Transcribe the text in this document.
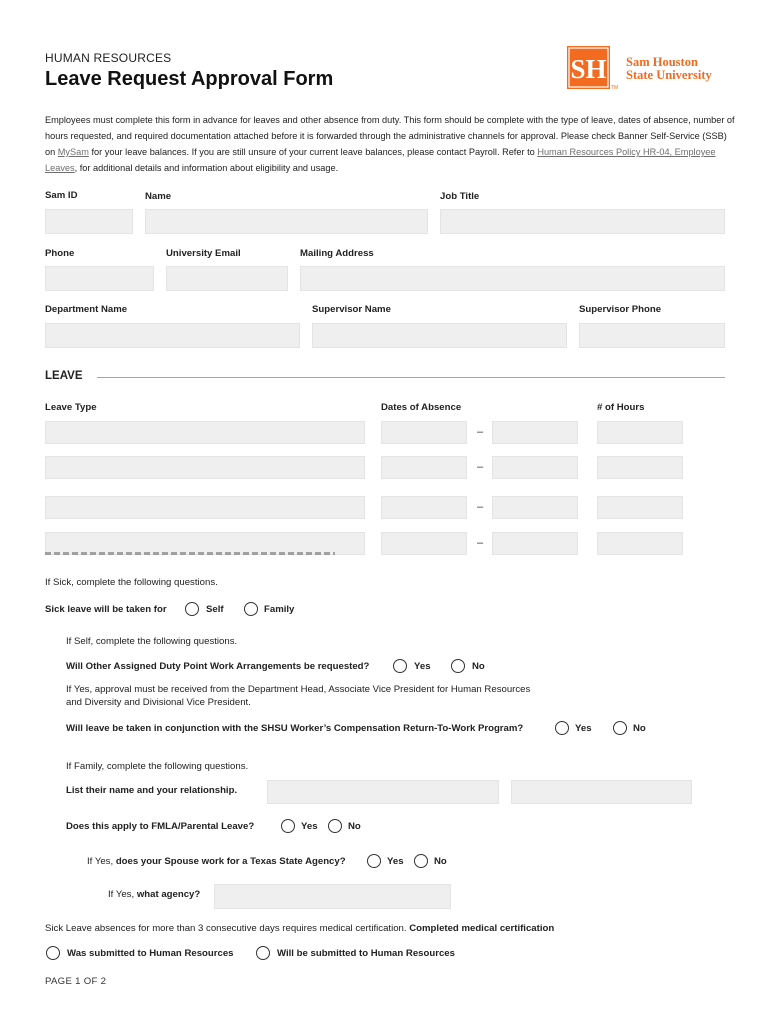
HUMAN RESOURCES
Leave Request Approval Form	SH
TM
Sam Houston
State University
Employees must complete this form in advance for leaves and other absence from duty. This form should be complete with the type of leave, dates of absence, number of hours requested, and required documentation attached before it is forwarded through the administrative channels for approval. Please check Banner Self-Service (SSB) on MySam for your leave balances. If you are still unsure of your current leave balances, please contact Payroll. Refer to Human Resources Policy HR-04, Employee Leaves, for additional details and information about eligibility and usage.
Sam ID	Name	Job Title
Phone	University Email	Mailing Address
Department Name	Supervisor Name	Supervisor Phone
LEAVE
Leave Type	Dates of Absence	# of Hours
–
–
–
–
If Sick, complete the following questions.
Sick leave will be taken for	Self	Family
If Self, complete the following questions.
Will Other Assigned Duty Point Work Arrangements be requested?	Yes	No
If Yes, approval must be received from the Department Head, Associate Vice President for Human Resources
and Diversity and Divisional Vice President.
Will leave be taken in conjunction with the SHSU Worker’s Compensation Return-To-Work Program?	Yes	No
If Family, complete the following questions.
List their name and your relationship.
Does this apply to FMLA/Parental Leave?	Yes	No
If Yes, does your Spouse work for a Texas State Agency?	Yes	No
If Yes, what agency?
Sick Leave absences for more than 3 consecutive days requires medical certification. Completed medical certification
Was submitted to Human Resources	Will be submitted to Human Resources
PAGE 1 OF 2
